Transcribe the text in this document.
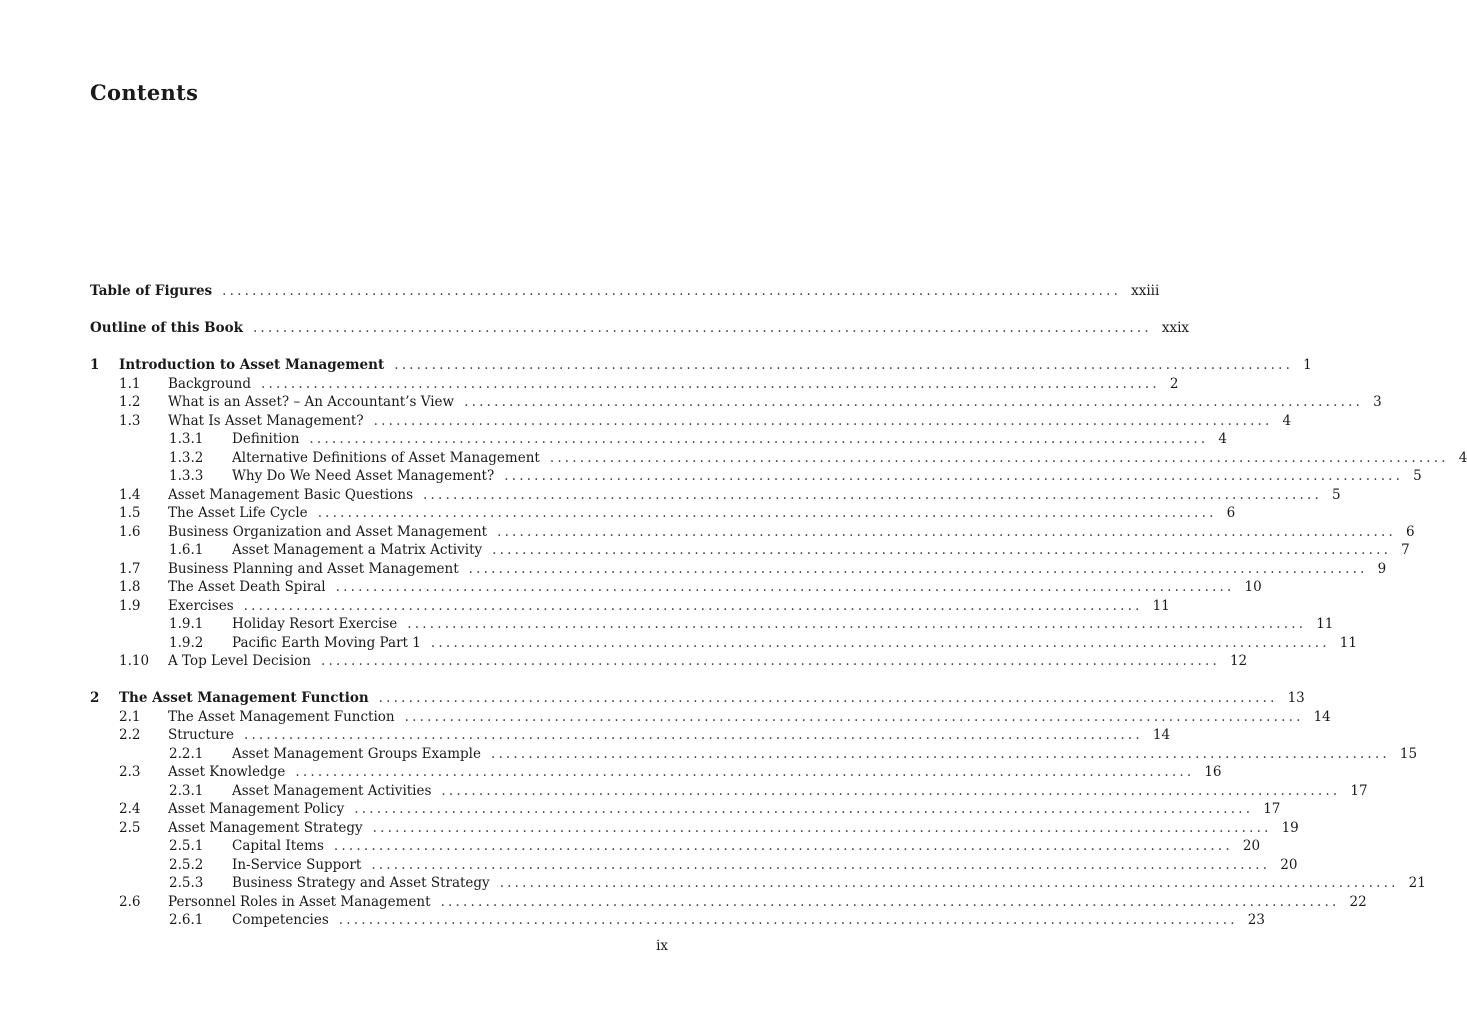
Contents
Table of Figures ........................................................................................................................ xxiii
Outline of this Book ........................................................................................................................ xxix
1 Introduction to Asset Management ........................................................................................................................ 1
1.1 Background ........................................................................................................................ 2
1.2 What is an Asset? – An Accountant’s View ........................................................................................................................ 3
1.3 What Is Asset Management? ........................................................................................................................ 4
1.3.1 Definition ........................................................................................................................ 4
1.3.2 Alternative Definitions of Asset Management ........................................................................................................................ 4
1.3.3 Why Do We Need Asset Management? ........................................................................................................................ 5
1.4 Asset Management Basic Questions ........................................................................................................................ 5
1.5 The Asset Life Cycle ........................................................................................................................ 6
1.6 Business Organization and Asset Management ........................................................................................................................ 6
1.6.1 Asset Management a Matrix Activity ........................................................................................................................ 7
1.7 Business Planning and Asset Management ........................................................................................................................ 9
1.8 The Asset Death Spiral ........................................................................................................................ 10
1.9 Exercises ........................................................................................................................ 11
1.9.1 Holiday Resort Exercise ........................................................................................................................ 11
1.9.2 Pacific Earth Moving Part 1 ........................................................................................................................ 11
1.10 A Top Level Decision ........................................................................................................................ 12
2 The Asset Management Function ........................................................................................................................ 13
2.1 The Asset Management Function ........................................................................................................................ 14
2.2 Structure ........................................................................................................................ 14
2.2.1 Asset Management Groups Example ........................................................................................................................ 15
2.3 Asset Knowledge ........................................................................................................................ 16
2.3.1 Asset Management Activities ........................................................................................................................ 17
2.4 Asset Management Policy ........................................................................................................................ 17
2.5 Asset Management Strategy ........................................................................................................................ 19
2.5.1 Capital Items ........................................................................................................................ 20
2.5.2 In-Service Support ........................................................................................................................ 20
2.5.3 Business Strategy and Asset Strategy ........................................................................................................................ 21
2.6 Personnel Roles in Asset Management ........................................................................................................................ 22
2.6.1 Competencies ........................................................................................................................ 23
ix
